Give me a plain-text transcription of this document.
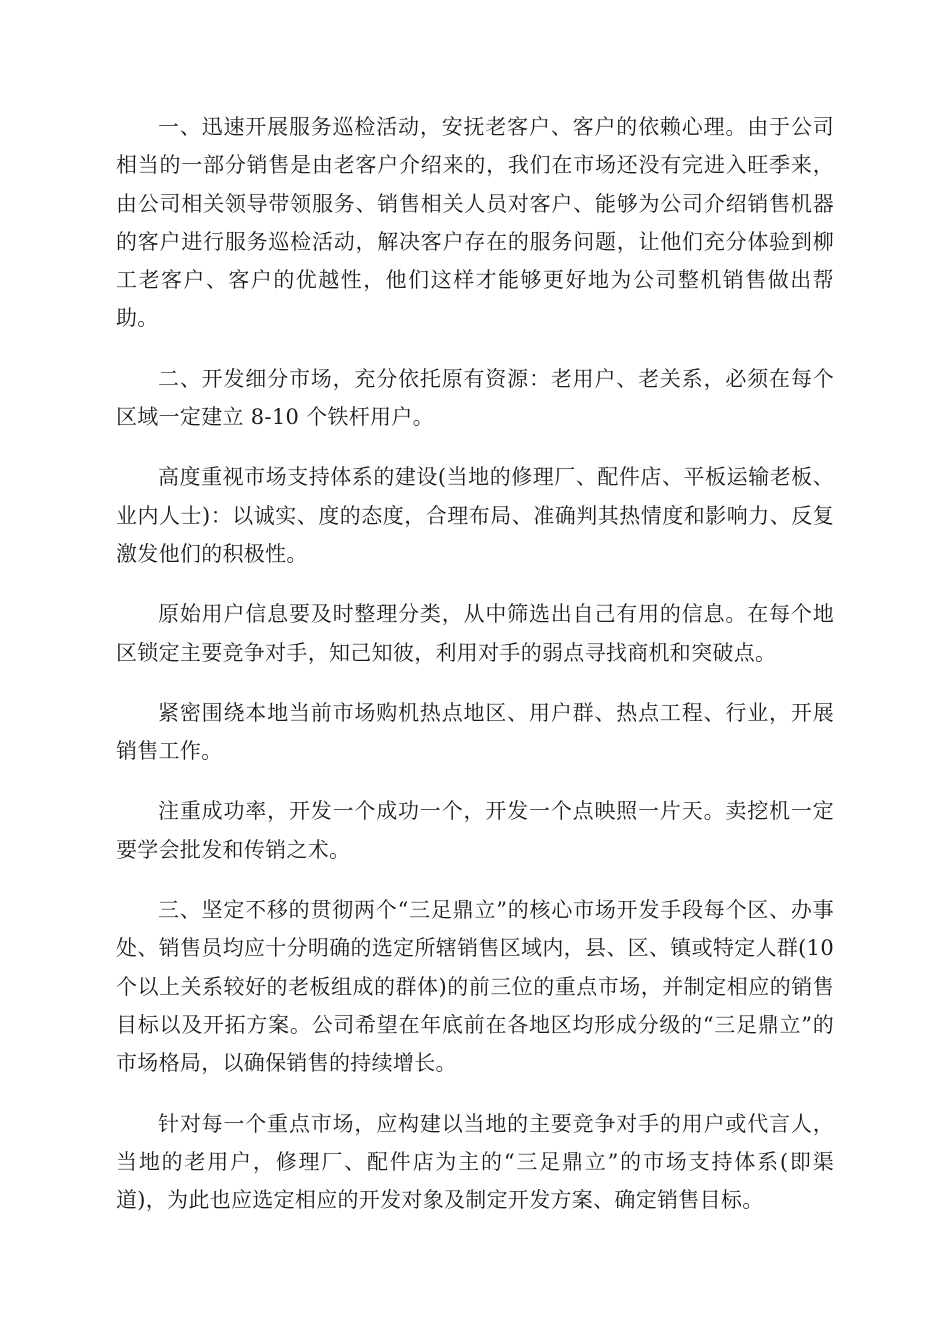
一、迅速开展服务巡检活动，安抚老客户、客户的依赖心理。由于公司相当的一部分销售是由老客户介绍来的，我们在市场还没有完进入旺季来，由公司相关领导带领服务、销售相关人员对客户、能够为公司介绍销售机器的客户进行服务巡检活动，解决客户存在的服务问题，让他们充分体验到柳工老客户、客户的优越性，他们这样才能够更好地为公司整机销售做出帮助。

二、开发细分市场，充分依托原有资源：老用户、老关系，必须在每个区域一定建立 8-10 个铁杆用户。

高度重视市场支持体系的建设(当地的修理厂、配件店、平板运输老板、业内人士)：以诚实、度的态度，合理布局、准确判其热情度和影响力、反复激发他们的积极性。

原始用户信息要及时整理分类，从中筛选出自己有用的信息。在每个地区锁定主要竞争对手，知己知彼，利用对手的弱点寻找商机和突破点。

紧密围绕本地当前市场购机热点地区、用户群、热点工程、行业，开展销售工作。

注重成功率，开发一个成功一个，开发一个点映照一片天。卖挖机一定要学会批发和传销之术。

三、坚定不移的贯彻两个“三足鼎立”的核心市场开发手段每个区、办事处、销售员均应十分明确的选定所辖销售区域内，县、区、镇或特定人群(10 个以上关系较好的老板组成的群体)的前三位的重点市场，并制定相应的销售目标以及开拓方案。公司希望在年底前在各地区均形成分级的“三足鼎立”的市场格局，以确保销售的持续增长。

针对每一个重点市场，应构建以当地的主要竞争对手的用户或代言人，当地的老用户，修理厂、配件店为主的“三足鼎立”的市场支持体系(即渠道)，为此也应选定相应的开发对象及制定开发方案、确定销售目标。
